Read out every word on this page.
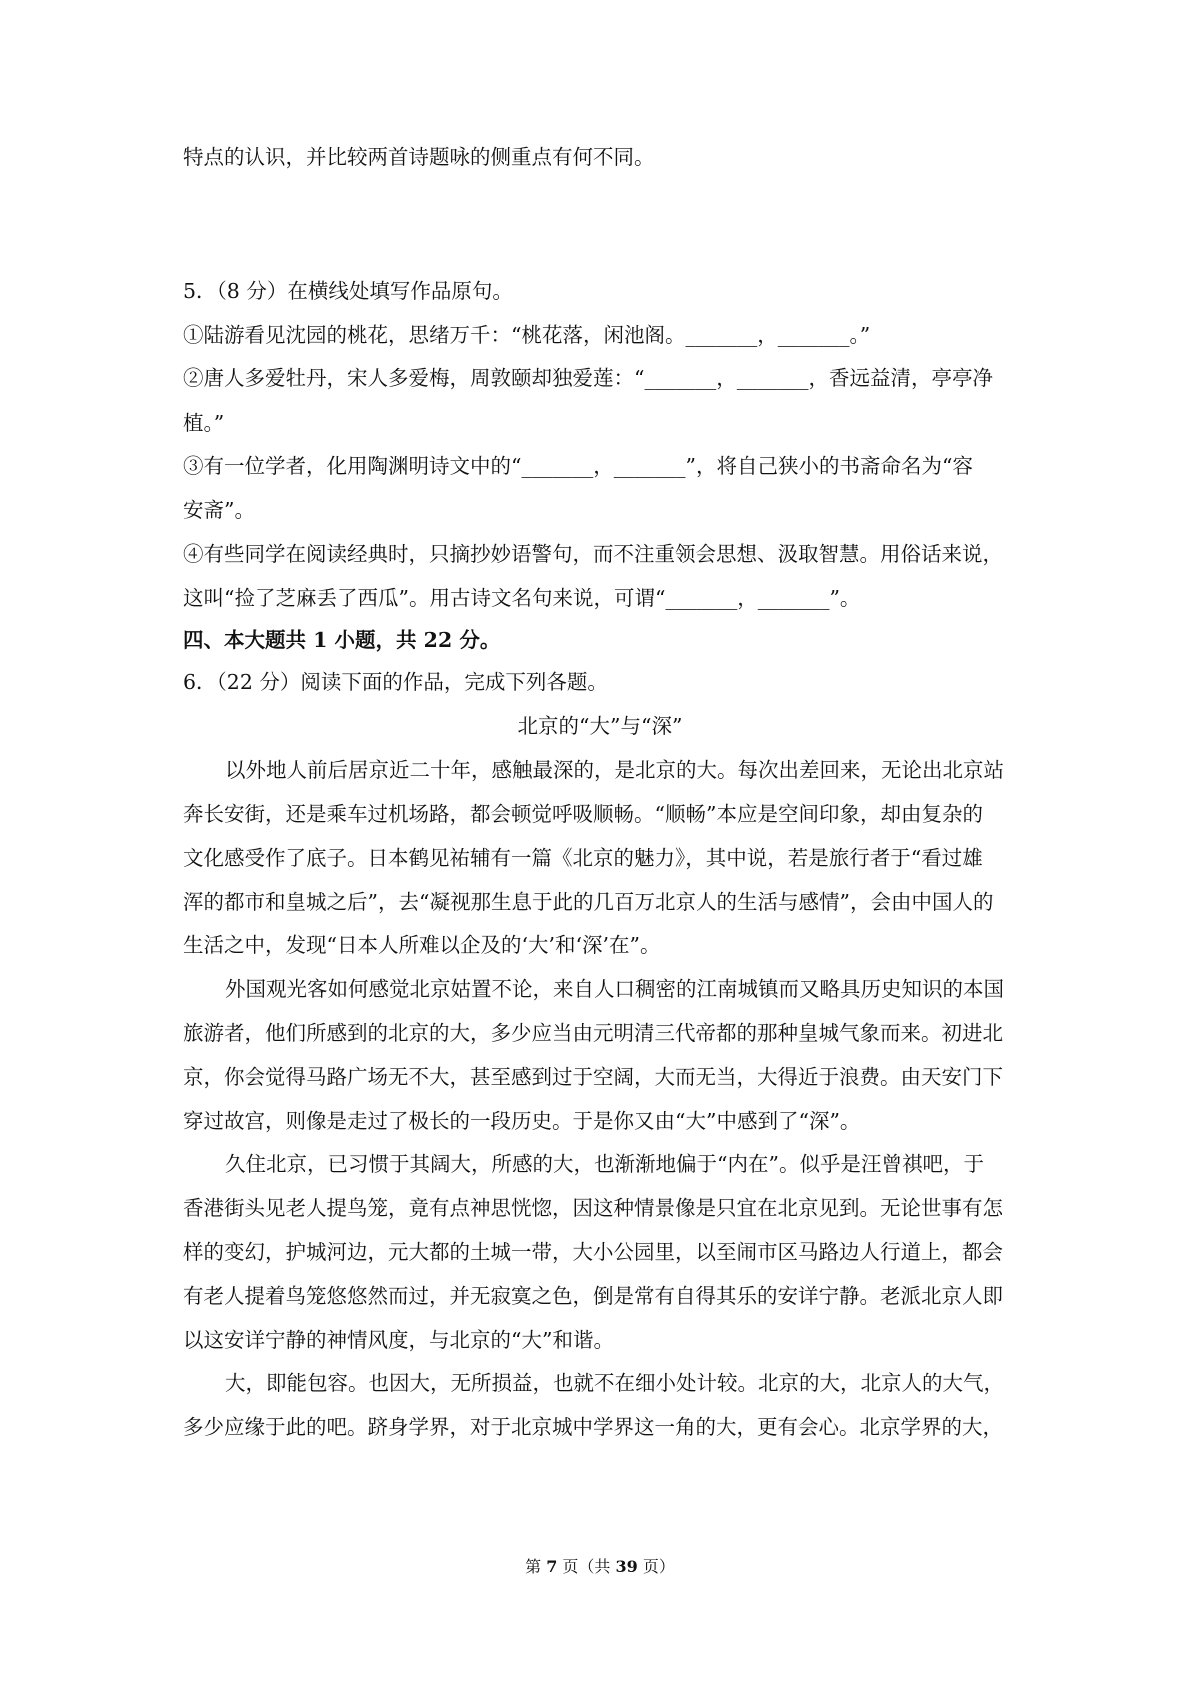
特点的认识，并比较两首诗题咏的侧重点有何不同。
5．（8 分）在横线处填写作品原句。
①陆游看见沈园的桃花，思绪万千：“桃花落，闲池阁。_______，_______。”
②唐人多爱牡丹，宋人多爱梅，周敦颐却独爱莲：“_______，_______，香远益清，亭亭净
植。”
③有一位学者，化用陶渊明诗文中的“_______，_______”，将自己狭小的书斋命名为“容
安斋”。
④有些同学在阅读经典时，只摘抄妙语警句，而不注重领会思想、汲取智慧。用俗话来说，
这叫“捡了芝麻丢了西瓜”。用古诗文名句来说，可谓“_______，_______”。
四、本大题共 1 小题，共 22 分。
6．（22 分）阅读下面的作品，完成下列各题。
北京的“大”与“深”
以外地人前后居京近二十年，感触最深的，是北京的大。每次出差回来，无论出北京站
奔长安街，还是乘车过机场路，都会顿觉呼吸顺畅。“顺畅”本应是空间印象，却由复杂的
文化感受作了底子。日本鹤见祐辅有一篇《北京的魅力》，其中说，若是旅行者于“看过雄
浑的都市和皇城之后”，去“凝视那生息于此的几百万北京人的生活与感情”，会由中国人的
生活之中，发现“日本人所难以企及的‘大’和‘深’在”。
外国观光客如何感觉北京姑置不论，来自人口稠密的江南城镇而又略具历史知识的本国
旅游者，他们所感到的北京的大，多少应当由元明清三代帝都的那种皇城气象而来。初进北
京，你会觉得马路广场无不大，甚至感到过于空阔，大而无当，大得近于浪费。由天安门下
穿过故宫，则像是走过了极长的一段历史。于是你又由“大”中感到了“深”。
久住北京，已习惯于其阔大，所感的大，也渐渐地偏于“内在”。似乎是汪曾祺吧，于
香港街头见老人提鸟笼，竟有点神思恍惚，因这种情景像是只宜在北京见到。无论世事有怎
样的变幻，护城河边，元大都的土城一带，大小公园里，以至闹市区马路边人行道上，都会
有老人提着鸟笼悠悠然而过，并无寂寞之色，倒是常有自得其乐的安详宁静。老派北京人即
以这安详宁静的神情风度，与北京的“大”和谐。
大，即能包容。也因大，无所损益，也就不在细小处计较。北京的大，北京人的大气，
多少应缘于此的吧。跻身学界，对于北京城中学界这一角的大，更有会心。北京学界的大，
第 7 页（共 39 页）
